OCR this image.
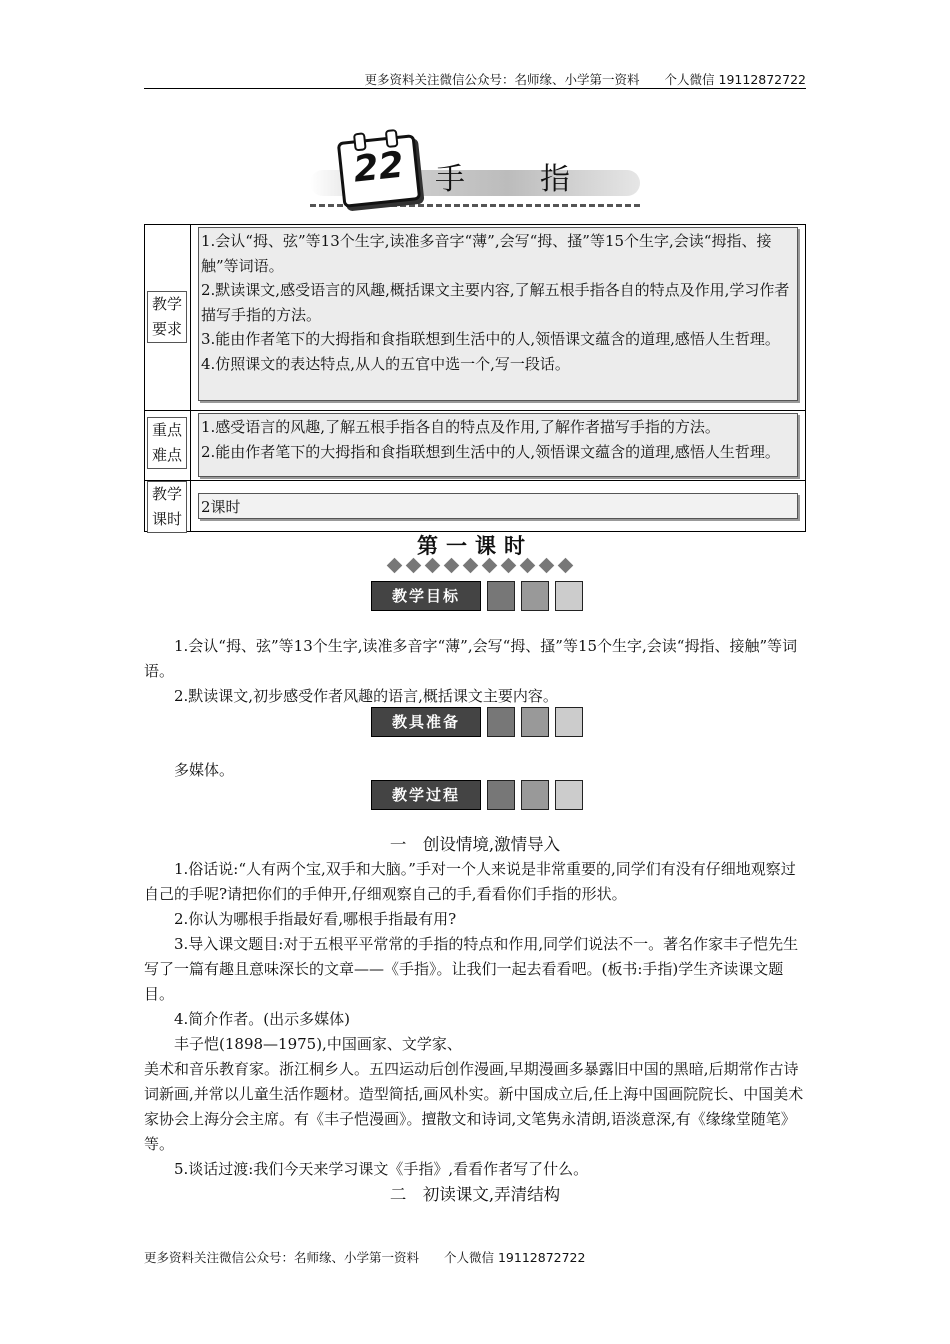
更多资料关注微信公众号：名师缘、小学第一资料　　个人微信 19112872722
22 手	指
教学要求
1.会认“拇、弦”等13个生字,读准多音字“薄”,会写“拇、搔”等15个生字,会读“拇指、接触”等词语。
2.默读课文,感受语言的风趣,概括课文主要内容,了解五根手指各自的特点及作用,学习作者描写手指的方法。
3.能由作者笔下的大拇指和食指联想到生活中的人,领悟课文蕴含的道理,感悟人生哲理。
4.仿照课文的表达特点,从人的五官中选一个,写一段话。
重点难点
1.感受语言的风趣,了解五根手指各自的特点及作用,了解作者描写手指的方法。
2.能由作者笔下的大拇指和食指联想到生活中的人,领悟课文蕴含的道理,感悟人生哲理。
教学课时
2课时
第一课时
教学目标

1.会认“拇、弦”等13个生字,读准多音字“薄”,会写“拇、搔”等15个生字,会读“拇指、接触”等词语。

2.默读课文,初步感受作者风趣的语言,概括课文主要内容。

教具准备

多媒体。

教学过程

一　创设情境,激情导入

1.俗话说:“人有两个宝,双手和大脑。”手对一个人来说是非常重要的,同学们有没有仔细地观察过自己的手呢?请把你们的手伸开,仔细观察自己的手,看看你们手指的形状。

2.你认为哪根手指最好看,哪根手指最有用?

3.导入课文题目:对于五根平平常常的手指的特点和作用,同学们说法不一。著名作家丰子恺先生写了一篇有趣且意味深长的文章——《手指》。让我们一起去看看吧。(板书:手指)学生齐读课文题目。

4.简介作者。(出示多媒体)

丰子恺(1898—1975),中国画家、文学家、

美术和音乐教育家。浙江桐乡人。五四运动后创作漫画,早期漫画多暴露旧中国的黑暗,后期常作古诗词新画,并常以儿童生活作题材。造型简括,画风朴实。新中国成立后,任上海中国画院院长、中国美术家协会上海分会主席。有《丰子恺漫画》。擅散文和诗词,文笔隽永清朗,语淡意深,有《缘缘堂随笔》等。

5.谈话过渡:我们今天来学习课文《手指》,看看作者写了什么。

二　初读课文,弄清结构

更多资料关注微信公众号：名师缘、小学第一资料　　个人微信 19112872722
